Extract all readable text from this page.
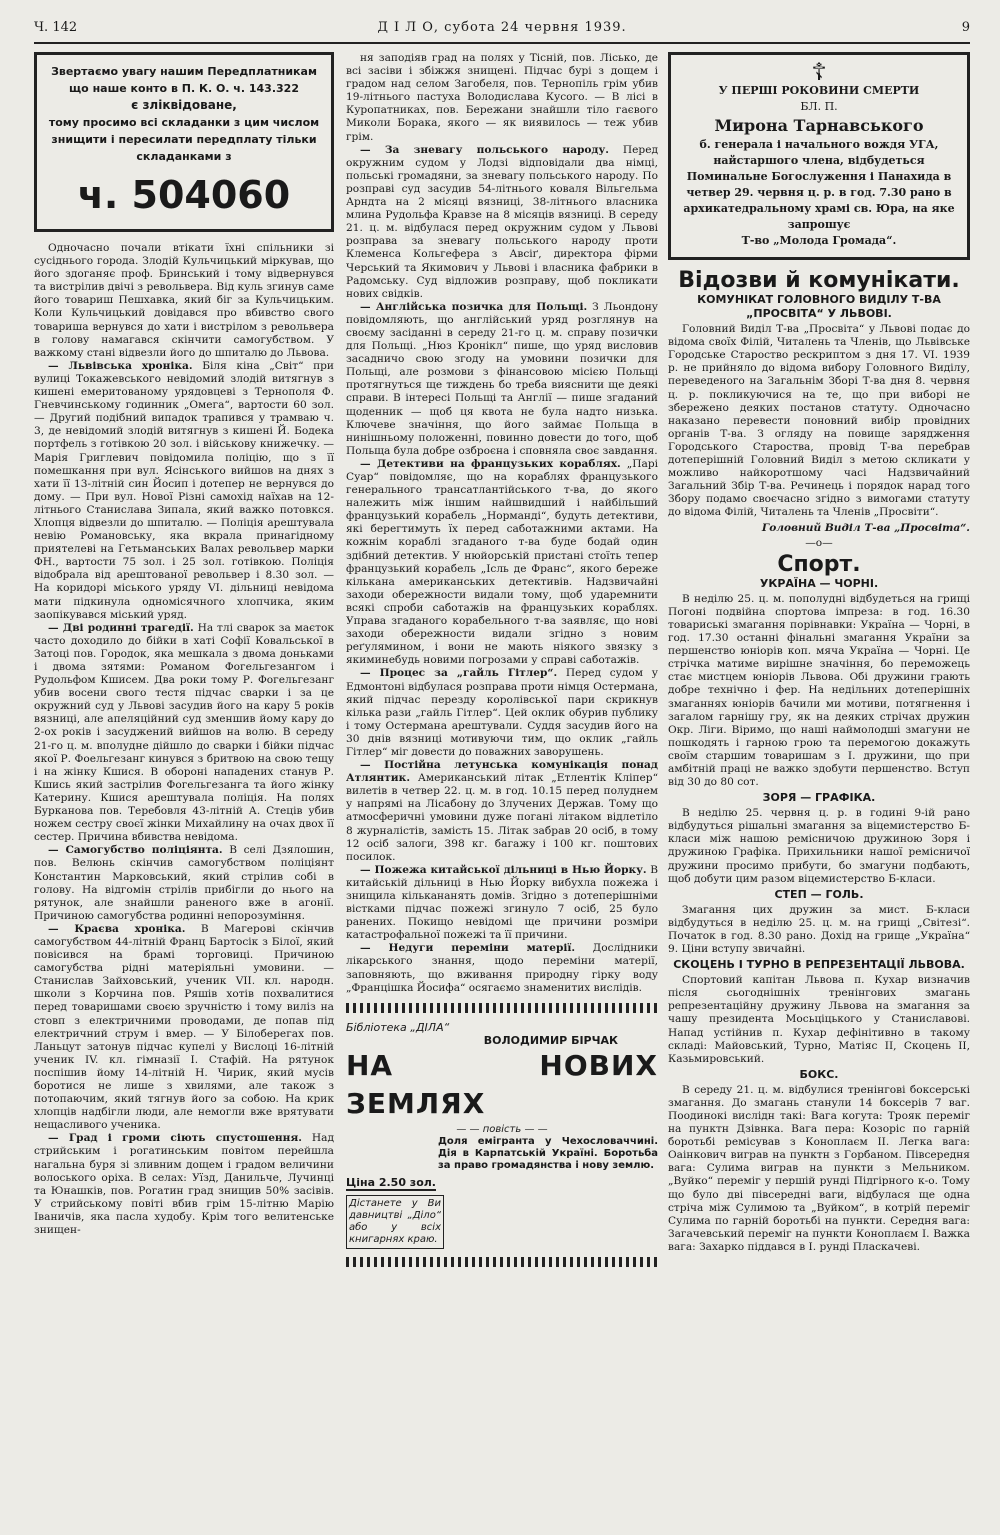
Ч. 142	Д І Л О, субота 24 червня 1939.	9
Звертаємо увагу нашим Передплатникам що наше конто в П. К. О. ч. 143.322
є зліквідоване,
тому просимо всі складанки з цим числом знищити і пересилати передплату тільки складанками з
ч. 504060

Одночасно почали втікати їхні спільники зі сусіднього города. Злодій Кульчицький міркував, що його здоганяє проф. Бринський і тому відвернувся та вистрілив двічі з револьвера. Від куль згинув саме його товариш Пешхавка, який біг за Кульчицьким. Коли Кульчицький довідався про вбивство свого товариша вернувся до хати і вистрілом з револьвера в голову намагався скінчити самогубством. У важкому стані відвезли його до шпиталю до Львова.

— Львівська хроніка. Біля кіна „Світ“ при вулиці Токажевського невідомий злодій витягнув з кишені емеритованому урядовцеві з Тернополя Ф. Гневчинському годинник „Омега“, вартости 60 зол. — Другий подібний випадок трапився у трамваю ч. 3, де невідомий злодій витягнув з кишені Й. Бодека портфель з готівкою 20 зол. і військову книжечку. — Марія Григлевич повідомила поліцію, що з її помешкання при вул. Ясінського вийшов на днях з хати її 13-літній син Йосип і дотепер не вернувся до дому. — При вул. Нової Різні самохід наїхав на 12-літнього Станислава Зипала, який важко потовкся. Хлопця відвезли до шпиталю. — Поліція арештувала невію Романовську, яка вкрала принагідному приятелеві на Гетьманських Валах револьвер марки ФН., вартости 75 зол. і 25 зол. готівкою. Поліція відобрала від арештованої револьвер і 8.30 зол. — На коридорі міського уряду VI. дільниці невідома мати підкинула одномісячного хлопчика, яким заопікувався міський уряд.

— Дві родинні трагедії. На тлі сварок за маєток часто доходило до бійки в хаті Софії Ковальської в Затоці пов. Городок, яка мешкала з двома доньками і двома зятями: Романом Фогельгезангом і Рудольфом Кшисем. Два роки тому Р. Фогельгезанг убив восени свого тестя підчас сварки і за це окружний суд у Львові засудив його на кару 5 років вязниці, але апеляційний суд зменшив йому кару до 2-ох років і засуджений вийшов на волю. В середу 21-го ц. м. вполудне дійшло до сварки і бійки підчас якої Р. Фоельгезанг кинувся з бритвою на свою тещу і на жінку Кшися. В обороні нападених станув Р. Кшись який застрілив Фогельгезанга та його жінку Катерину. Кшися арештувала поліція. На полях Бурканова пов. Теребовля 43-літній А. Стеців убив ножем сестру своєї жінки Михайлину на очах двох її сестер. Причина вбивства невідома.

— Самогубство поліціянта. В селі Дзялошин, пов. Велюнь скінчив самогубством поліціянт Константин Марковський, який стрілив собі в голову. На відгомін стрілів прибігли до нього на рятунок, але знайшли раненого вже в агонії. Причиною самогубства родинні непорозуміння.

— Краєва хроніка. В Магерові скінчив самогубством 44-літній Франц Бартосік з Білої, який повісився на брамі торговиці. Причиною самогубства рідні матеріяльні умовини. — Станислав Зайховський, ученик VII. кл. народн. школи з Корчина пов. Ряшів хотів похвалитися перед товаришами своєю зручністю і тому виліз на стовп з електричними проводами, де попав під електричний струм і вмер. — У Білоберегах пов. Ланьцут затонув підчас купелі у Вислоці 16-літній ученик IV. кл. гімназії І. Стафій. На рятунок поспішив йому 14-літній Н. Чирик, який мусів боротися не лише з хвилями, але також з потопаючим, який тягнув його за собою. На крик хлопців надбігли люди, але немогли вже врятувати нещасливого ученика.

— Град і громи сіють спустошення. Над стрийським і рогатинським повітом перейшла нагальна буря зі зливним дощем і градом величини волоського оріха. В селах: Уїзд, Данильче, Лучинці та Юнашків, пов. Рогатин град знищив 50% засівів. У стрийському повіті вбив грім 15-літню Марію Іваничів, яка пасла худобу. Крім того велитенське знищен-

ня заподіяв град на полях у Тісній, пов. Лісько, де всі засіви і збіжжя знищені. Підчас бурі з дощем і градом над селом Загобеля, пов. Тернопіль грім убив 19-літнього пастуха Володислава Кусого. — В лісі в Куропатниках, пов. Бережани знайшли тіло гаєвого Миколи Боракa, якого — як виявилось — теж убив грім.

— За зневагу польського народу. Перед окружним судом у Лодзі відповідали два німці, польські громадяни, за зневагу польського народу. По розправі суд засудив 54-літнього коваля Вільгельма Арндта на 2 місяці вязниці, 38-літнього власника млина Рудольфа Кравзе на 8 місяців вязниці. В середу 21. ц. м. відбулася перед окружним судом у Львові розправа за зневагу польського народу проти Клеменса Кольгефера з Авсіґ, директора фірми Черський та Якимович у Львові і власника фабрики в Радомську. Суд відложив розправу, щоб покликати нових свідків.

— Англійська позичка для Польщі. З Льондону повідомляють, що англійський уряд розглянув на своєму засіданні в середу 21-го ц. м. справу позички для Польщі. „Нюз Кронікл“ пише, що уряд висловив засадничо свою згоду на умовини позички для Польщі, але розмови з фінансовою місією Польщі протягнуться ще тиждень бо треба вияснити ще деякі справи. В інтересі Польщі та Англії — пише згаданий щоденник — щоб ця квота не була надто низька. Ключеве значіння, що його займає Польща в нинішньому положенні, повинно довести до того, щоб Польща була добре озброєна і сповняла своє завдання.

— Детективи на французьких кораблях. „Парі Суар“ повідомляє, що на кораблях французького генерального трансатлантійського т-ва, до якого належить між іншим найшвидший і найбільший французький корабель „Норманді“, будуть детективи, які берегтимуть їх перед саботажними актами. На кожнім кораблі згаданого т-ва буде бодай один здібний детектив. У нюйорській пристані стоїть тепер французький корабель „Ісль де Франс“, якого береже кількана американських детективів. Надзвичайні заходи обережности видали тому, щоб ударемнити всякі спроби саботажів на французьких кораблях. Управа згаданого корабельного т-ва заявляє, що нові заходи обережности видали згідно з новим реґулямином, і вони не мають ніякого звязку з якиминебудь новими погрозами у справі саботажів.

— Процес за „гайль Гітлер“. Перед судом у Едмонтоні відбулася розправа проти німця Остермана, який підчас перезду королівської пари скрикнув кілька рази „гайль Гітлер“. Цей оклик обурив публику і тому Остермана арештували. Суддя засудив його на 30 днів вязниці мотивуючи тим, що оклик „гайль Гітлер“ міг довести до поважних заворушень.

— Постійна летунська комунікація понад Атлянтик. Американський літак „Етлентік Кліпер“ вилетів в четвер 22. ц. м. в год. 10.15 перед полуднем у напрямі на Лісабону до Злучених Держав. Тому що атмосферичні умовини дуже погані літаком відлетіло 8 журналістів, замість 15. Літак забрав 20 осіб, в тому 12 осіб залоги, 398 кг. багажу і 100 кг. поштових посилок.

— Пожежа китайської дільниці в Нью Йорку. В китайській дільниці в Нью Йорку вибухла пожежа і знищила кількананять домів. Згідно з дотеперішніми вістками підчас пожежі згинуло 7 осіб, 25 було ранених. Покищо невідомі ще причини розміри катастрофальної пожежі та її причини.

— Недуги переміни матерії. Дослідники лікарського знання, щодо переміни матерії, заповняють, що вживання природну гірку воду „Францішка Йосифа“ осягаємо знаменитих вислідів.

Бібліотека „ДІЛА“
ВОЛОДИМИР БІРЧАК
НА НОВИХ ЗЕМЛЯХ
— — повість — —
Доля емігранта у Чехословаччині. Дія в Карпатській Україні. Боротьба за право громадянства і нову землю.
Ціна 2.50 зол.
Дістанете у Ви давництві „Діло“ або у всіх книгарнях краю.
☦
У ПЕРШІ РОКОВИНИ СМЕРТИ
БЛ. П.
Мирона Тарнавського
б. генерала і начального вождя УГА, найстаршого члена, відбудеться Поминальне Богослуження і Панахида в четвер 29. червня ц. р. в год. 7.30 рано в архикатедральному храмі св. Юра, на яке запрошує
Т-во „Молода Громада“.
Відозви й комунікати.
КОМУНІКАТ ГОЛОВНОГО ВИДІЛУ Т-ВА „ПРОСВІТА“ У ЛЬВОВІ.

Головний Виділ Т-ва „Просвіта“ у Львові подає до відома своїх Філій, Читалень та Членів, що Львівське Городське Староство рескриптом з дня 17. VI. 1939 р. не прийняло до відома вибору Головного Виділу, переведеного на Загальнім Зборі Т-ва дня 8. червня ц. р. покликуючися на те, що при виборі не збережено деяких постанов статуту. Одночасно наказано перевести поновний вибір провідних органів Т-ва. З огляду на повище зарядження Городського Староства, провід Т-ва перебрав дотеперішній Головний Виділ з метою скликати у можливо найкоротшому часі Надзвичайний Загальний Збір Т-ва. Речинець і порядок нарад того Збору подамо своєчасно згідно з вимогами статуту до відома Філій, Читалень та Членів „Просвіти“.

Головний Виділ Т-ва „Просвіта“.
—о—
Спорт.
УКРАЇНА — ЧОРНІ.

В неділю 25. ц. м. пополудні відбудеться на грищі Погоні подвійна спортова імпреза: в год. 16.30 товариські змагання порівнавки: Україна — Чорні, в год. 17.30 останні фінальні змагання України за першенство юніорів коп. мяча Україна — Чорні. Це стрічка матиме вирішне значіння, бо переможець стає мистцем юніорів Львова. Обі дружини грають добре технічно і фер. На недільних дотеперішніх змаганнях юніорів бачили ми мотиви, потягнення і загалом гарнішу гру, як на деяких стрічах дружин Окр. Ліги. Віримо, що наші наймолодші змагуни не пошкодять і гарною грою та перемогою докажуть своїм старшим товаришам з І. дружини, що при амбітній праці не важко здобути першенство. Вступ від 30 до 80 сот.

ЗОРЯ — ГРАФІКА.

В неділю 25. червня ц. р. в годині 9-ій рано відбудуться рішальні змагання за віцемистерство Б-класи між нашою ремісничою дружиною Зоря і дружиною Графіка. Прихильники нашої ремісничої дружини просимо прибути, бо змагуни подбають, щоб добути цим разом віцемистерство Б-класи.

СТЕП — ГОЛЬ.

Змагання цих дружин за мист. Б-класи відбудуться в неділю 25. ц. м. на грищі „Світезі“. Початок в год. 8.30 рано. Дохід на грище „Україна“ 9. Ціни вступу звичайні.

СКОЦЕНЬ І ТУРНО В РЕПРЕЗЕНТАЦІЇ ЛЬВОВА.

Спортовий капітан Львова п. Кухар визначив після сьогоднішніх тренінгових змагань репрезентаційну дружину Львова на змагання за чашу президента Мосьціцького у Станиславові. Напад устійнив п. Кухар дефінітивно в такому складі: Майовський, Турно, Матіяс ІІ, Скоцень ІІ, Казьмировський.

БОКС.

В середу 21. ц. м. відбулися тренінгові боксерські змагання. До змагань станули 14 боксерів 7 ваг. Поодинокі вислідн такі: Вага когута: Трояк переміг на пунктн Дзівнка. Вага пера: Козоріс по гарній боротьбі ремісував з Коноплаєм ІІ. Легка вага: Оаінкович виграв на пунктн з Горбаном. Півсередня вага: Сулима виграв на пункти з Мельником. „Вуйко“ переміг у першій рунді Підгірного к-о. Тому що було дві півсередні ваги, відбулася ще одна стріча між Сулимою та „Вуйком“, в котрій переміг Сулима по гарній боротьбі на пункти. Середня вага: Загачевський переміг на пункти Коноплаєм І. Важка вага: Захарко піддався в І. рунді Пласкачеві.
